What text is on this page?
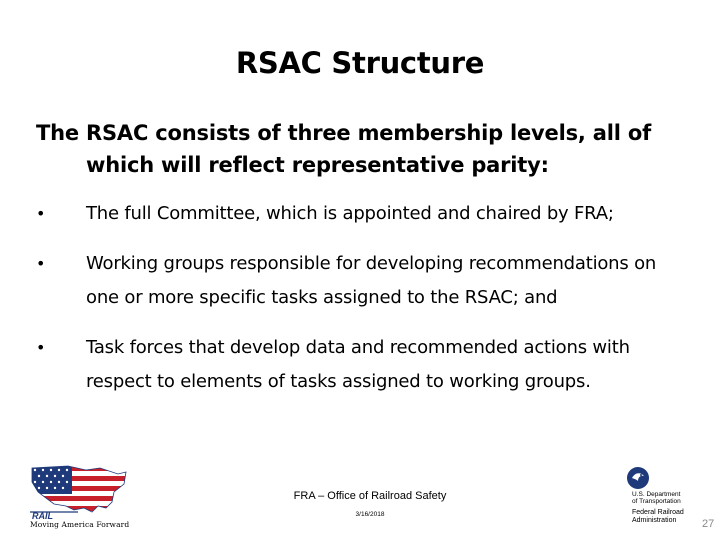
RSAC Structure
The RSAC consists of three membership levels, all of which will reflect representative parity:
• The full Committee, which is appointed and chaired by FRA;
• Working groups responsible for developing recommendations on one or more specific tasks assigned to the RSAC; and
• Task forces that develop data and recommended actions with respect to elements of tasks assigned to working groups.
RAIL
Moving America Forward
FRA – Office of Railroad Safety
3/16/2018
U.S. Department
of Transportation
Federal Railroad
Administration	27
